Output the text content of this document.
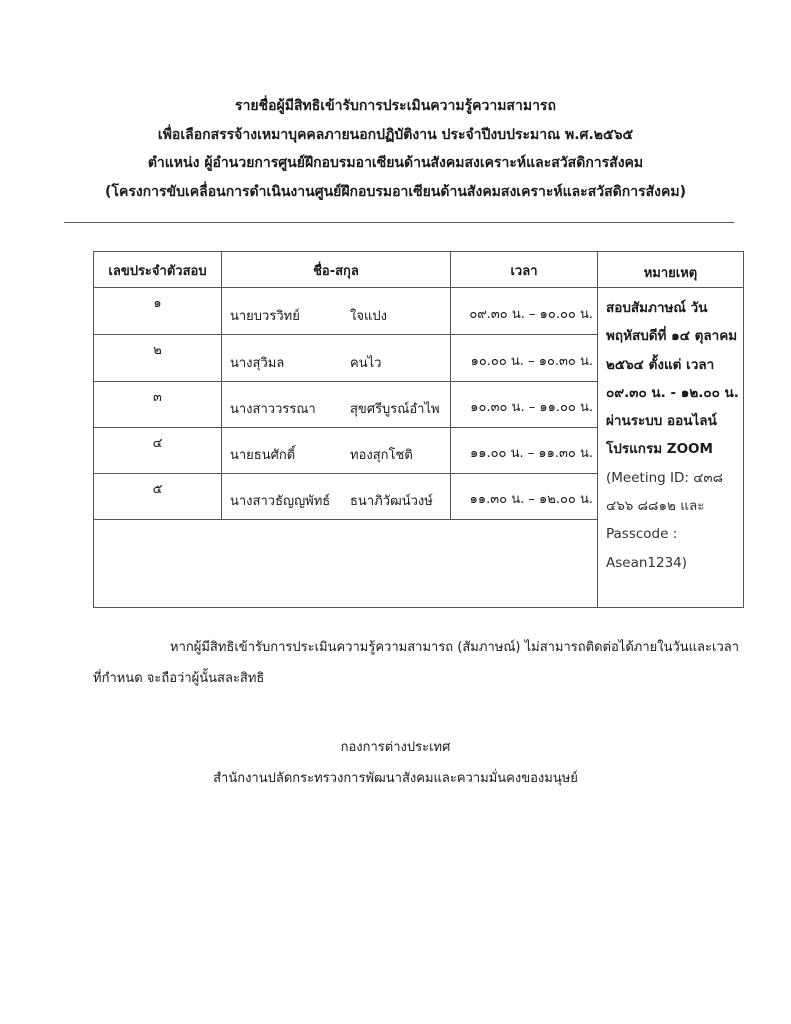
รายชื่อผู้มีสิทธิเข้ารับการประเมินความรู้ความสามารถ
เพื่อเลือกสรรจ้างเหมาบุคคลภายนอกปฏิบัติงาน ประจำปีงบประมาณ พ.ศ.๒๕๖๕
ตำแหน่ง ผู้อำนวยการศูนย์ฝึกอบรมอาเซียนด้านสังคมสงเคราะห์และสวัสดิการสังคม
(โครงการขับเคลื่อนการดำเนินงานศูนย์ฝึกอบรมอาเซียนด้านสังคมสงเคราะห์และสวัสดิการสังคม)
เลขประจำตัวสอบ	ชื่อ-สกุล	เวลา	หมายเหตุ
๑	นายบวรวิทย์ ใจแปง	๐๙.๓๐ น. – ๑๐.๐๐ น.	สอบสัมภาษณ์ วันพฤหัสบดีที่ ๑๔ ตุลาคม ๒๕๖๔ ตั้งแต่ เวลา ๐๙.๓๐ น. - ๑๒.๐๐ น. ผ่านระบบ ออนไลน์ โปรแกรม ZOOM (Meeting ID: ๔๓๘ ๔๖๖ ๘๘๑๒ และ Passcode : Asean1234)
๒	นางสุวิมล คนไว	๑๐.๐๐ น. – ๑๐.๓๐ น.	
๓	นางสาววรรณา สุขศรีบูรณ์อำไพ	๑๐.๓๐ น. – ๑๑.๐๐ น.	
๔	นายธนศักดิ์ ทองสุกโชติ	๑๑.๐๐ น. – ๑๑.๓๐ น.	
๕	นางสาวธัญญพัทธ์ ธนาภิวัฒน์วงษ์	๑๑.๓๐ น. – ๑๒.๐๐ น.	

หากผู้มีสิทธิเข้ารับการประเมินความรู้ความสามารถ (สัมภาษณ์) ไม่สามารถติดต่อได้ภายในวันและเวลา
ที่กำหนด จะถือว่าผู้นั้นสละสิทธิ
กองการต่างประเทศ
สำนักงานปลัดกระทรวงการพัฒนาสังคมและความมั่นคงของมนุษย์
